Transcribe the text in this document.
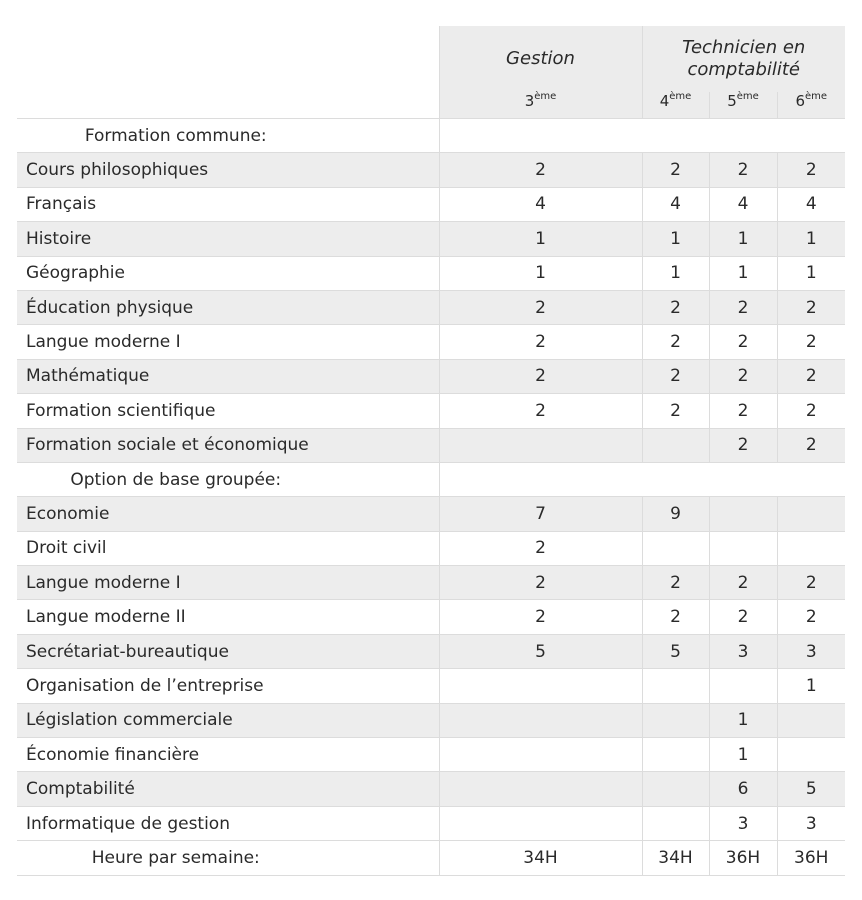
	Gestion	Technicien en comptabilité		
	3ème	4ème	5ème	6ème
Formation commune:				
Cours philosophiques	2	2	2	2
Français	4	4	4	4
Histoire	1	1	1	1
Géographie	1	1	1	1
Éducation physique	2	2	2	2
Langue moderne I	2	2	2	2
Mathématique	2	2	2	2
Formation scientifique	2	2	2	2
Formation sociale et économique			2	2
Option de base groupée:				
Economie	7	9		
Droit civil	2			
Langue moderne I	2	2	2	2
Langue moderne II	2	2	2	2
Secrétariat-bureautique	5	5	3	3
Organisation de l’entreprise				1
Législation commerciale			1	
Économie financière			1	
Comptabilité			6	5
Informatique de gestion			3	3
Heure par semaine:	34H	34H	36H	36H
